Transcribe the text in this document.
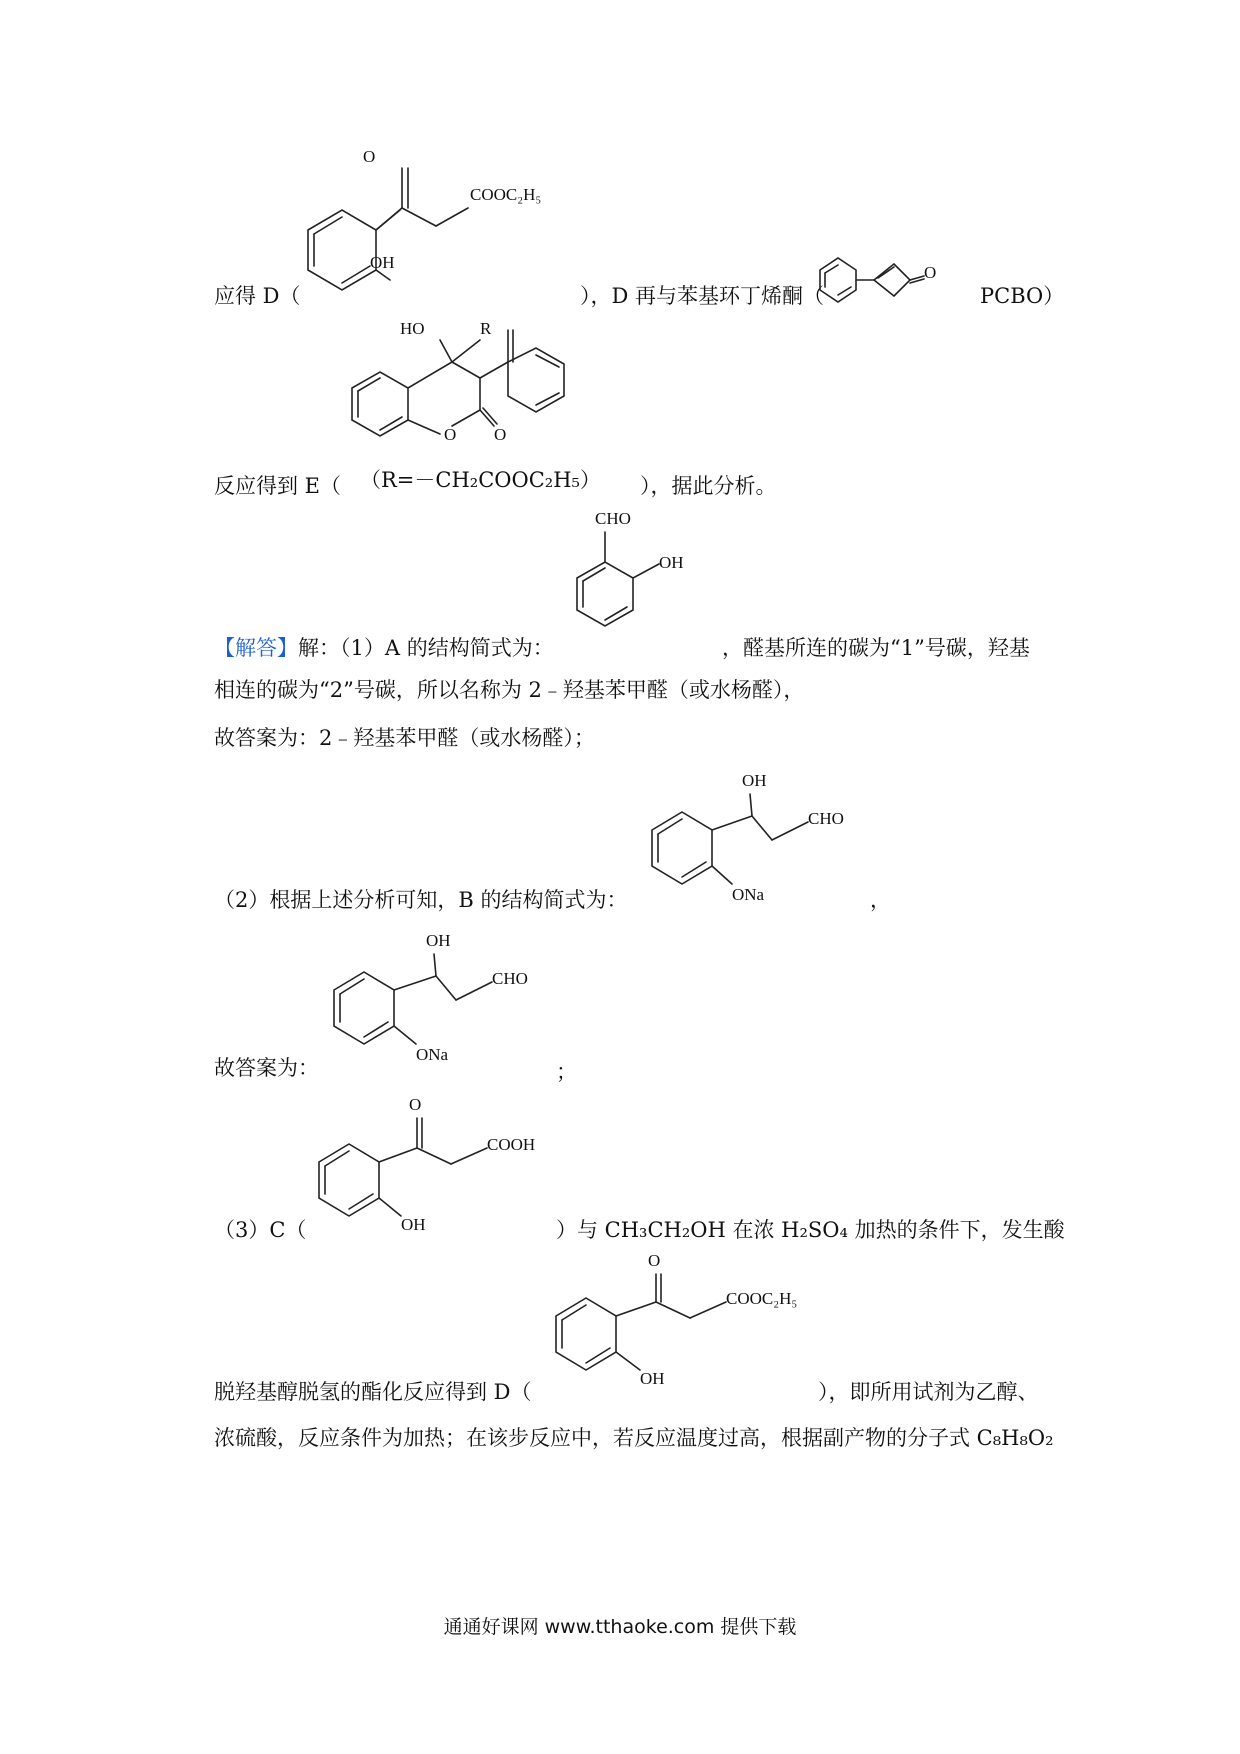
O
COOC₂H₅
OH
应得 D（	），D 再与苯基环丁烯酮（	PCBO）
O
HO	R
O O
反应得到 E（ （R=－CH₂COOC₂H₅） ），据此分析。
CHO
OH
【解答】解：（1）A 的结构简式为：	，醛基所连的碳为“1”号碳，羟基
相连的碳为“2”号碳，所以名称为 2﹣羟基苯甲醛（或水杨醛），
故答案为：2﹣羟基苯甲醛（或水杨醛）；
OH
CHO
ONa
（2）根据上述分析可知，B 的结构简式为：	，
OH
CHO
ONa
故答案为：	；
O
COOH
OH
（3）C（	）与 CH₃CH₂OH 在浓 H₂SO₄ 加热的条件下，发生酸
O
COOC₂H₅
OH
脱羟基醇脱氢的酯化反应得到 D（	），即所用试剂为乙醇、
浓硫酸，反应条件为加热；在该步反应中，若反应温度过高，根据副产物的分子式 C₈H₈O₂
通通好课网 www.tthaoke.com 提供下载
